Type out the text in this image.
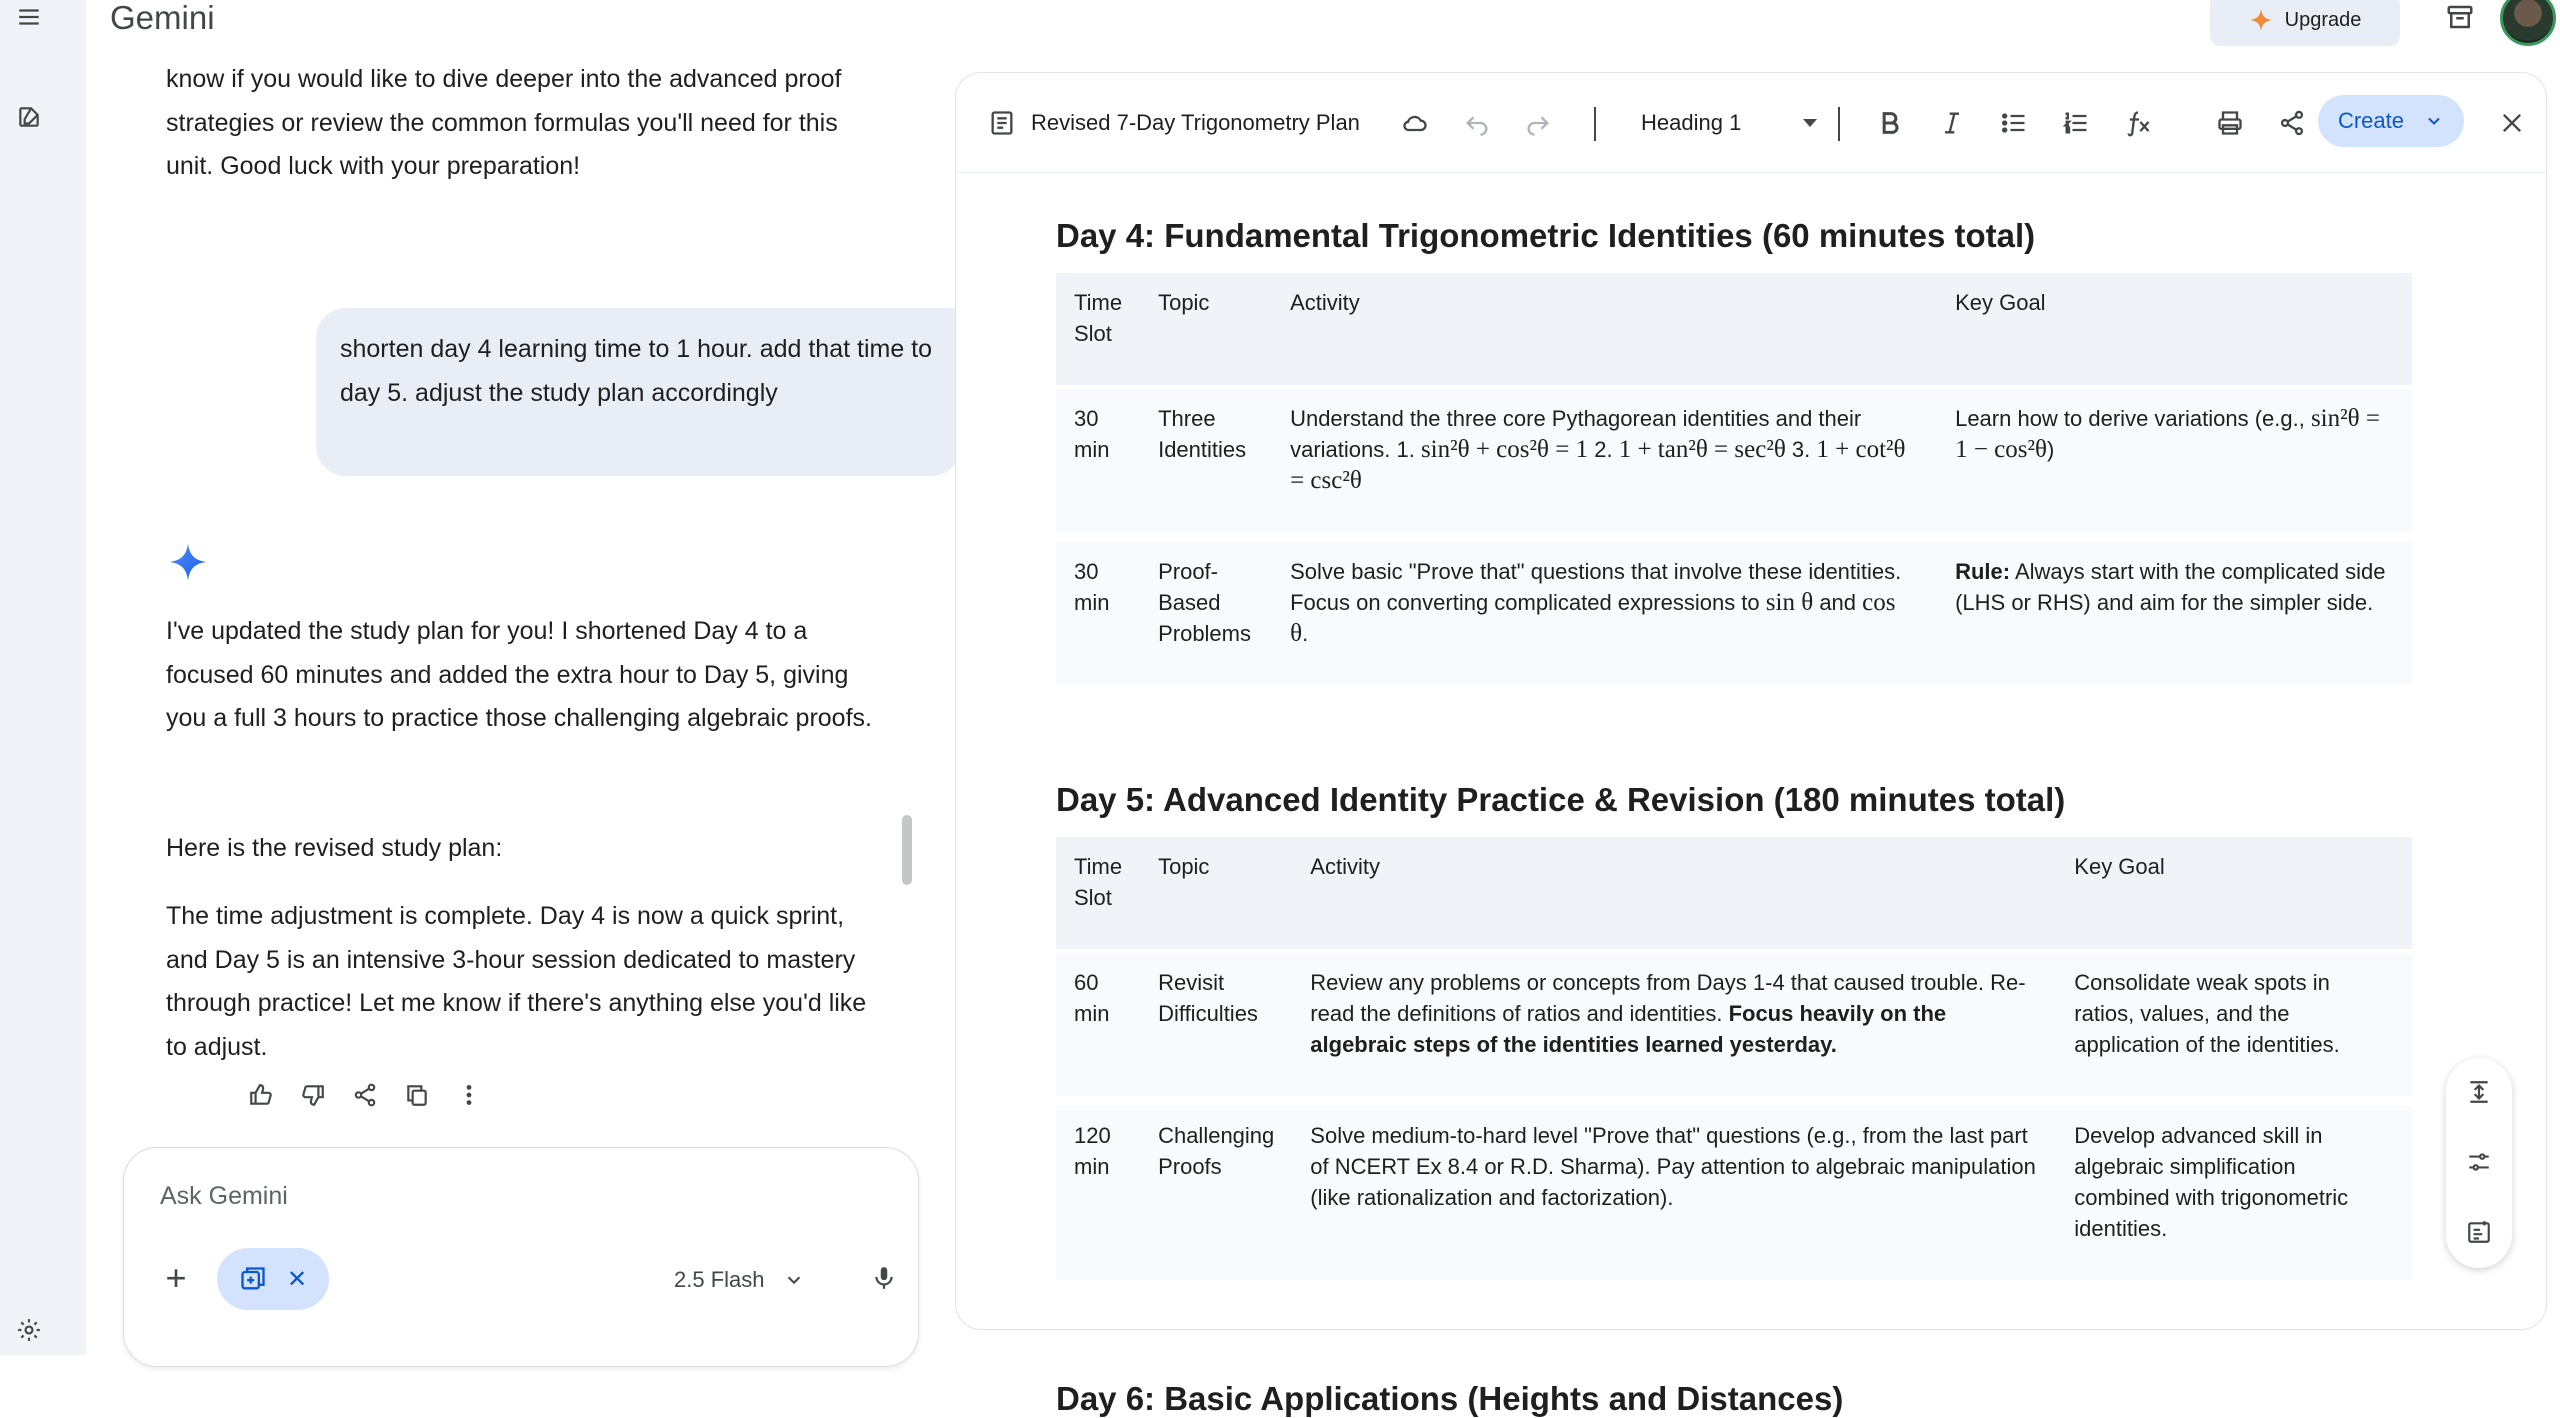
Gemini	Upgrade
know if you would like to dive deeper into the advanced proof strategies or review the common formulas you'll need for this unit. Good luck with your preparation!
shorten day 4 learning time to 1 hour. add that time to day 5. adjust the study plan accordingly
I've updated the study plan for you! I shortened Day 4 to a focused 60 minutes and added the extra hour to Day 5, giving you a full 3 hours to practice those challenging algebraic proofs.
Here is the revised study plan:
The time adjustment is complete. Day 4 is now a quick sprint, and Day 5 is an intensive 3-hour session dedicated to mastery through practice! Let me know if there's anything else you'd like to adjust.
Ask Gemini
+	✕	2.5 Flash
Revised 7-Day Trigonometry Plan	Heading 1	Create
Day 4: Fundamental Trigonometric Identities (60 minutes total)
Time Slot	Topic	Activity	Key Goal
30 min	Three Identities	Understand the three core Pythagorean identities and their variations. 1. sin²θ + cos²θ = 1 2. 1 + tan²θ = sec²θ 3. 1 + cot²θ = csc²θ	Learn how to derive variations (e.g., sin²θ = 1 − cos²θ)
30 min	Proof-Based Problems	Solve basic "Prove that" questions that involve these identities. Focus on converting complicated expressions to sin θ and cos θ.	Rule: Always start with the complicated side (LHS or RHS) and aim for the simpler side.
Day 5: Advanced Identity Practice & Revision (180 minutes total)
Time Slot	Topic	Activity	Key Goal
60 min	Revisit Difficulties	Review any problems or concepts from Days 1-4 that caused trouble. Re-read the definitions of ratios and identities. Focus heavily on the algebraic steps of the identities learned yesterday.	Consolidate weak spots in ratios, values, and the application of the identities.
120 min	Challenging Proofs	Solve medium-to-hard level "Prove that" questions (e.g., from the last part of NCERT Ex 8.4 or R.D. Sharma). Pay attention to algebraic manipulation (like rationalization and factorization).	Develop advanced skill in algebraic simplification combined with trigonometric identities.
Day 6: Basic Applications (Heights and Distances)
